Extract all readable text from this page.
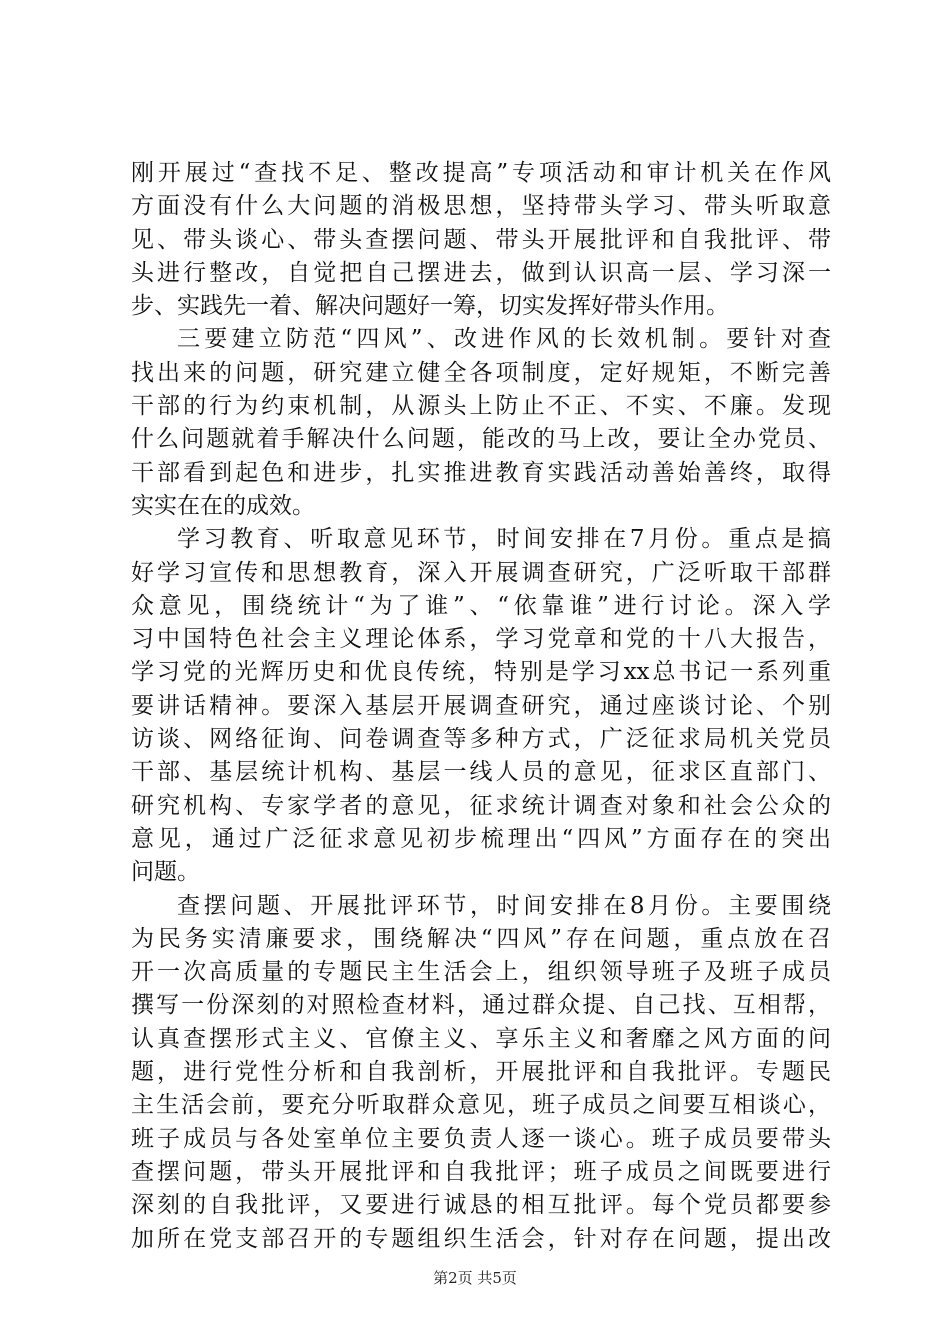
刚开展过“查找不足、整改提高”专项活动和审计机关在作风
方面没有什么大问题的消极思想，坚持带头学习、带头听取意
见、带头谈心、带头查摆问题、带头开展批评和自我批评、带
头进行整改，自觉把自己摆进去，做到认识高一层、学习深一
步、实践先一着、解决问题好一筹，切实发挥好带头作用。
三要建立防范“四风”、改进作风的长效机制。要针对查
找出来的问题，研究建立健全各项制度，定好规矩，不断完善
干部的行为约束机制，从源头上防止不正、不实、不廉。发现
什么问题就着手解决什么问题，能改的马上改，要让全办党员、
干部看到起色和进步，扎实推进教育实践活动善始善终，取得
实实在在的成效。
学习教育、听取意见环节，时间安排在7月份。重点是搞
好学习宣传和思想教育，深入开展调查研究，广泛听取干部群
众意见，围绕统计“为了谁”、“依靠谁”进行讨论。深入学
习中国特色社会主义理论体系，学习党章和党的十八大报告，
学习党的光辉历史和优良传统，特别是学习xx总书记一系列重
要讲话精神。要深入基层开展调查研究，通过座谈讨论、个别
访谈、网络征询、问卷调查等多种方式，广泛征求局机关党员
干部、基层统计机构、基层一线人员的意见，征求区直部门、
研究机构、专家学者的意见，征求统计调查对象和社会公众的
意见，通过广泛征求意见初步梳理出“四风”方面存在的突出
问题。
查摆问题、开展批评环节，时间安排在8月份。主要围绕
为民务实清廉要求，围绕解决“四风”存在问题，重点放在召
开一次高质量的专题民主生活会上，组织领导班子及班子成员
撰写一份深刻的对照检查材料，通过群众提、自己找、互相帮，
认真查摆形式主义、官僚主义、享乐主义和奢靡之风方面的问
题，进行党性分析和自我剖析，开展批评和自我批评。专题民
主生活会前，要充分听取群众意见，班子成员之间要互相谈心，
班子成员与各处室单位主要负责人逐一谈心。班子成员要带头
查摆问题，带头开展批评和自我批评；班子成员之间既要进行
深刻的自我批评，又要进行诚恳的相互批评。每个党员都要参
加所在党支部召开的专题组织生活会，针对存在问题，提出改
第2页 共5页
